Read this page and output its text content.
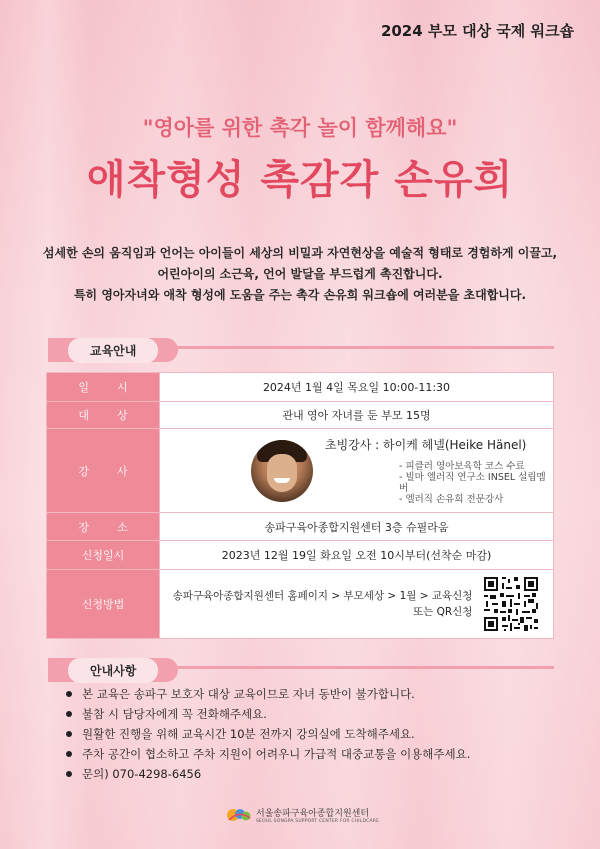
2024 부모 대상 국제 워크숍
"영아를 위한 촉각 놀이 함께해요"
애착형성 촉감각 손유희
섬세한 손의 움직임과 언어는 아이들이 세상의 비밀과 자연현상을 예술적 형태로 경험하게 이끌고,
어린아이의 소근육, 언어 발달을 부드럽게 촉진합니다.
특히 영아자녀와 애착 형성에 도움을 주는 촉각 손유희 워크숍에 여러분을 초대합니다.
교육안내
일시	2024년 1월 4일 목요일 10:00-11:30
대상	관내 영아 자녀를 둔 부모 15명
강사	초빙강사 : 하이케 헤넬(Heike Hänel)
- 피클러 영아보육학 코스 수료
- 빌마 엘러직 연구소 INSEL 설립멤버
- 엘러직 손유희 전문강사

장소	송파구육아종합지원센터 3층 슈필라움
신청일시	2023년 12월 19일 화요일 오전 10시부터(선착순 마감)
신청방법	송파구육아종합지원센터 홈페이지 > 부모세상 > 1월 > 교육신청
또는 QR신청
안내사항
본 교육은 송파구 보호자 대상 교육이므로 자녀 동반이 불가합니다.
불참 시 담당자에게 꼭 전화해주세요.
원활한 진행을 위해 교육시간 10분 전까지 강의실에 도착해주세요.
주차 공간이 협소하고 주차 지원이 어려우니 가급적 대중교통을 이용해주세요.
문의) 070-4298-6456
서울송파구육아종합지원센터
SEOUL SONGPA SUPPORT CENTER FOR CHILDCARE
